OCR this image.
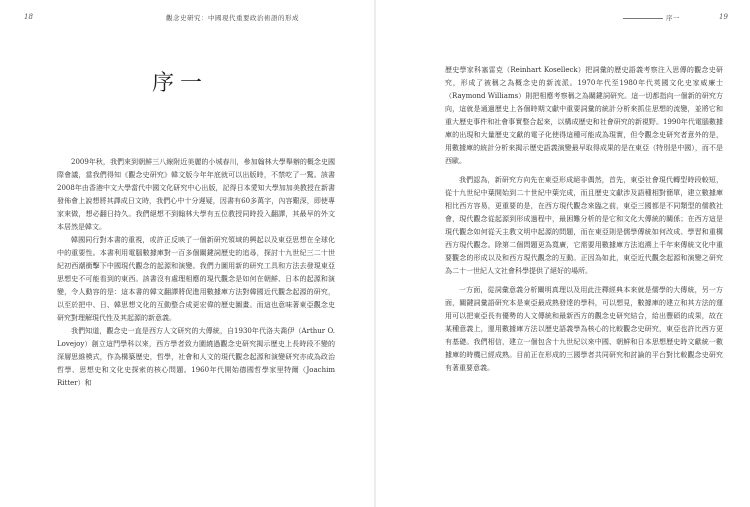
18	觀念史研究：中國現代重要政治術語的形成
序一

2009年秋，我們來到朝鮮三八線附近美麗的小城春川，參加翰林大學舉辦的概念史國際會議，當我們得知《觀念史研究》韓文版今年年底就可以出版時，不禁吃了一驚。該書2008年由香港中文大學當代中國文化研究中心出版，記得日本愛知大學加加美教授在新書發佈會上說想將其譯成日文時，我們心中十分遲疑，因書有60多萬字，內容艱深，即使專家來做，想必翻日持久。我們絕想不到翰林大學有五位教授同時投入翻譯，其最早的外文本居然是韓文。

韓國同行對本書的重視，或許正反映了一個新研究領域的興起以及東亞思想在全球化中的重要性。本書利用電腦數據庫對一百多個關鍵詞歷史的追尋，探討十九世紀三二十世紀初西潮衝擊下中國現代觀念的起源和演變。我們力圖用新的研究工具和方法去發現東亞思想史不可能看到的東西。該書沒有處理相應的現代觀念是如何在朝鮮、日本的起源和演變，令人動容的是：這本書的韓文翻譯將促進用數據庫方法對韓國近代觀念起源的研究，以至於把中、日、韓思想文化的互動整合成更宏偉的歷史圖畫。而這也意味著東亞觀念史研究對理解現代性及其起源的新意義。

我們知道，觀念史一直是西方人文研究的大傳統，自1930年代洛夫喬伊（Arthur O. Lovejoy）創立這門學科以來，西方學者致力圍繞過觀念史研究揭示歷史上長時段不變的深層思維模式，作為構築歷史，哲學，社會和人文的現代觀念起源和演變研究亦成為政治哲學、思想史和文化史探索的核心問題。1960年代開始德國哲學家里特爾（Joachim Ritter）和

序一	19

歷史學家科塞雷克（Reinhart Koselleck）把詞彙的歷史語義考察注入思傳的觀念史研究，形成了被稱之為概念史的新流派。1970年代至1980年代英國文化史家威廉士（Raymond Williams）則把相應考察稱之為關鍵詞研究。這一切都指向一個新的研究方向，這就是通過歷史上各個時期文獻中重要詞彙的統計分析來抓住思想的流變，並將它和重大歷史事件和社會事實整合起來，以構成歷史和社會研究的新視野。1990年代電腦數據庫的出現和大量歷史文獻的電子化使得這種可能成為現實，但令觀念史研究者意外的是，用數據庫的統計分析來揭示歷史語義演變最早取得成果的是在東亞（特別是中國），而不是西歐。

我們認為，新研究方向先在東亞形成絕非偶然，首先，東亞社會現代轉型時段較短，從十九世紀中葉開始到二十世紀中葉完成，而且歷史文獻涉及語種相對簡單，建立數據庫相比西方容易，更重要的是，在西方現代觀念來臨之前，東亞三國都是不同類型的儒教社會，現代觀念從起源到形成過程中，最困難分析的是它和文化大傳統的關係；在西方這是現代觀念如何從天主教文明中起源的問題，而在東亞則是儒學傳統如何改成、學習和重構西方現代觀念。除第二個問題更為寬廣，它需要用數據庫方法追溯上千年來傳統文化中重要觀念的形成以及和西方現代觀念的互動。正因為如此，東亞近代觀念起源和演變之研究為二十一世紀人文社會科學提供了絕好的場所。

一方面，從詞彙意義分析闡明真理以及用此注釋經典本來就是儒學的大傳統，另一方面，關鍵詞彙語研究本是東亞最成熟發達的學科，可以想見，數據庫的建立和其方法的運用可以把東亞長有優勢的人文傳統和最新西方的觀念史研究結合，給出豐碩的成果，故在某種意義上，運用數據庫方法以歷史語義學為核心的比較觀念史研究，東亞也許比西方更有基礎。我們相信，建立一個包含十九世紀以來中國、朝鮮和日本思想歷史時文獻統一數據庫的時機已經成熟。目前正在形成的三國學者共同研究和討論的平台對比較觀念史研究有著重要意義。
